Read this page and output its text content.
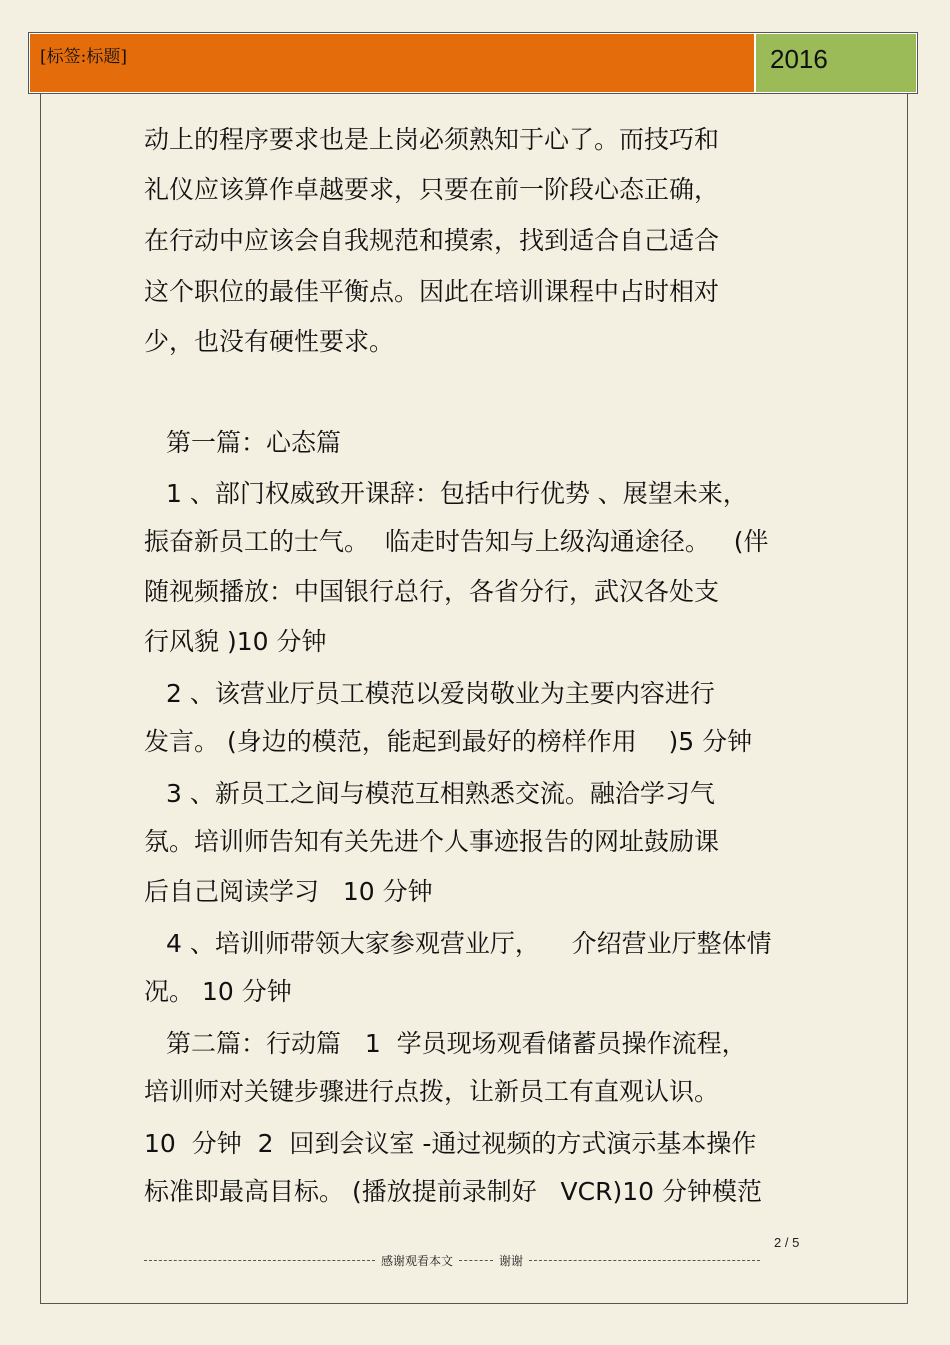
[标签:标题]	2016
动上的程序要求也是上岗必须熟知于心了。而技巧和
礼仪应该算作卓越要求，只要在前一阶段心态正确，
在行动中应该会自我规范和摸索，找到适合自己适合
这个职位的最佳平衡点。因此在培训课程中占时相对
少，也没有硬性要求。
第一篇：心态篇
1 、部门权威致开课辞：包括中行优势 、展望未来，
振奋新员工的士气。  临走时告知与上级沟通途径。   (伴
随视频播放：中国银行总行，各省分行，武汉各处支
行风貌 )10 分钟
2 、该营业厅员工模范以爱岗敬业为主要内容进行
发言。 (身边的模范，能起到最好的榜样作用    )5 分钟
3 、新员工之间与模范互相熟悉交流。融洽学习气
氛。培训师告知有关先进个人事迹报告的网址鼓励课
后自己阅读学习   10 分钟
4 、培训师带领大家参观营业厅，    介绍营业厅整体情
况。 10 分钟
第二篇：行动篇   1  学员现场观看储蓄员操作流程，
培训师对关键步骤进行点拨，让新员工有直观认识。
10  分钟  2  回到会议室 -通过视频的方式演示基本操作
标准即最高目标。 (播放提前录制好   VCR)10 分钟模范
2 / 5
感谢观看本文	谢谢
